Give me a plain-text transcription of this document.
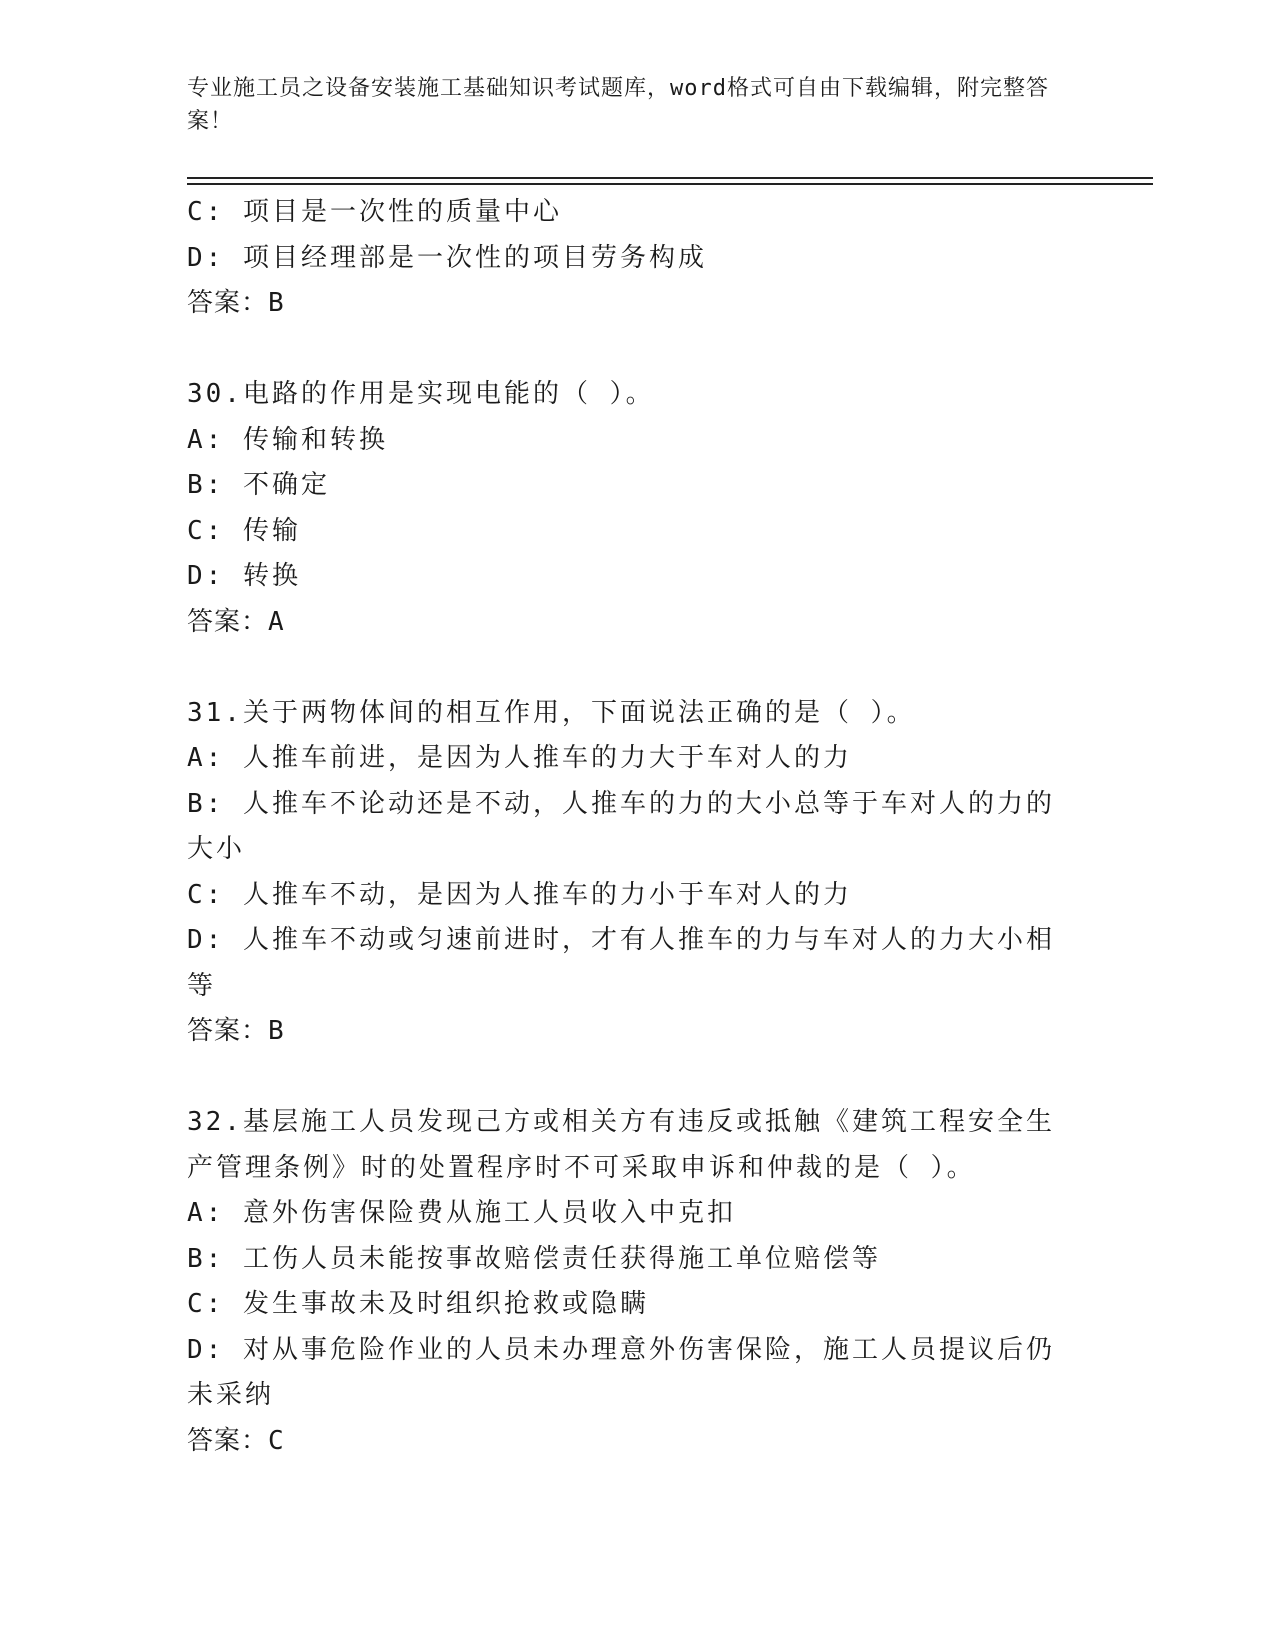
专业施工员之设备安装施工基础知识考试题库，word格式可自由下载编辑，附完整答案！
C: 项目是一次性的质量中心
D: 项目经理部是一次性的项目劳务构成
答案：B
30.电路的作用是实现电能的（ ）。
A: 传输和转换
B: 不确定
C: 传输
D: 转换
答案：A
31.关于两物体间的相互作用，下面说法正确的是（ ）。
A: 人推车前进，是因为人推车的力大于车对人的力
B: 人推车不论动还是不动，人推车的力的大小总等于车对人的力的大小
C: 人推车不动，是因为人推车的力小于车对人的力
D: 人推车不动或匀速前进时，才有人推车的力与车对人的力大小相等
答案：B
32.基层施工人员发现己方或相关方有违反或抵触《建筑工程安全生产管理条例》时的处置程序时不可采取申诉和仲裁的是（ ）。
A: 意外伤害保险费从施工人员收入中克扣
B: 工伤人员未能按事故赔偿责任获得施工单位赔偿等
C: 发生事故未及时组织抢救或隐瞒
D: 对从事危险作业的人员未办理意外伤害保险，施工人员提议后仍未采纳
答案：C
